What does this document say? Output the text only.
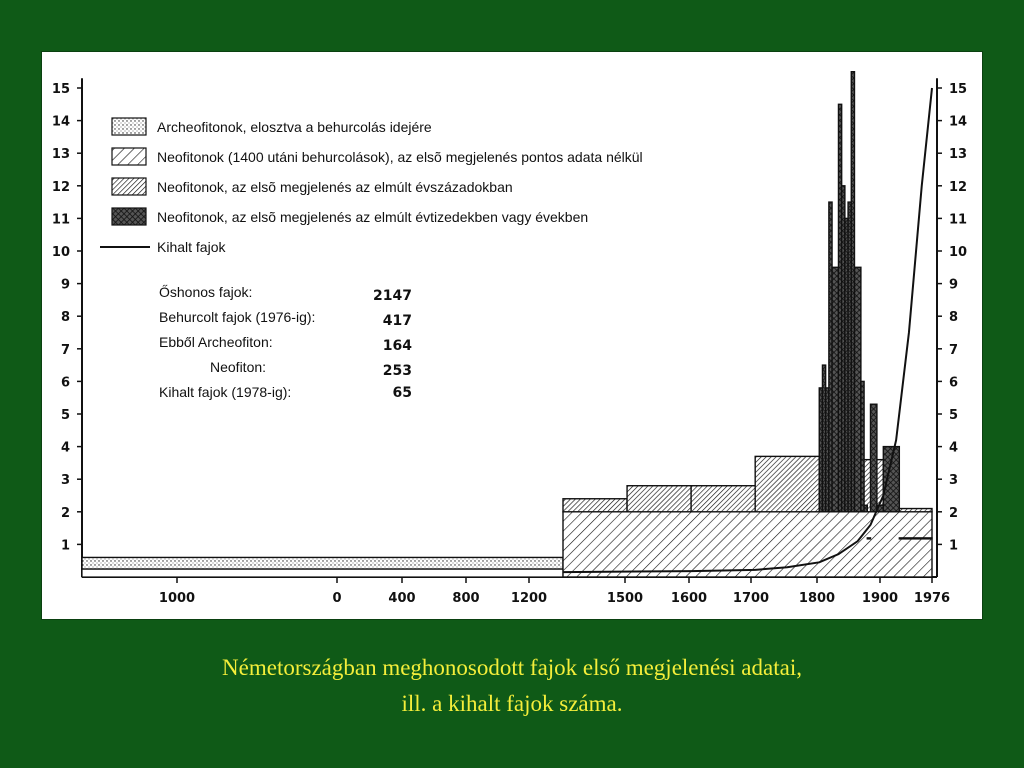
1	1
2	2
3	3
4	4
5	5
6	6
7	7
8	8
9	9
10	10
11	11
12	12
13	13
14	14
15	15
1000	0	400	800 1200	1500 1600 1700 1800 1900 1976
Archeofitonok, elosztva a behurcolás idejére
Neofitonok (1400 utáni behurcolások), az elsõ megjelenés pontos adata nélkül
Neofitonok, az elsõ megjelenés az elmúlt évszázadokban
Neofitonok, az elsõ megjelenés az elmúlt évtizedekben vagy években
Kihalt fajok
Őshonos fajok:	2147
Behurcolt fajok (1976-ig):	417
Ebből Archeofiton:	164
Neofiton:	253
Kihalt fajok (1978-ig):	65
Németországban meghonosodott fajok első megjelenési adatai,
ill. a kihalt fajok száma.
